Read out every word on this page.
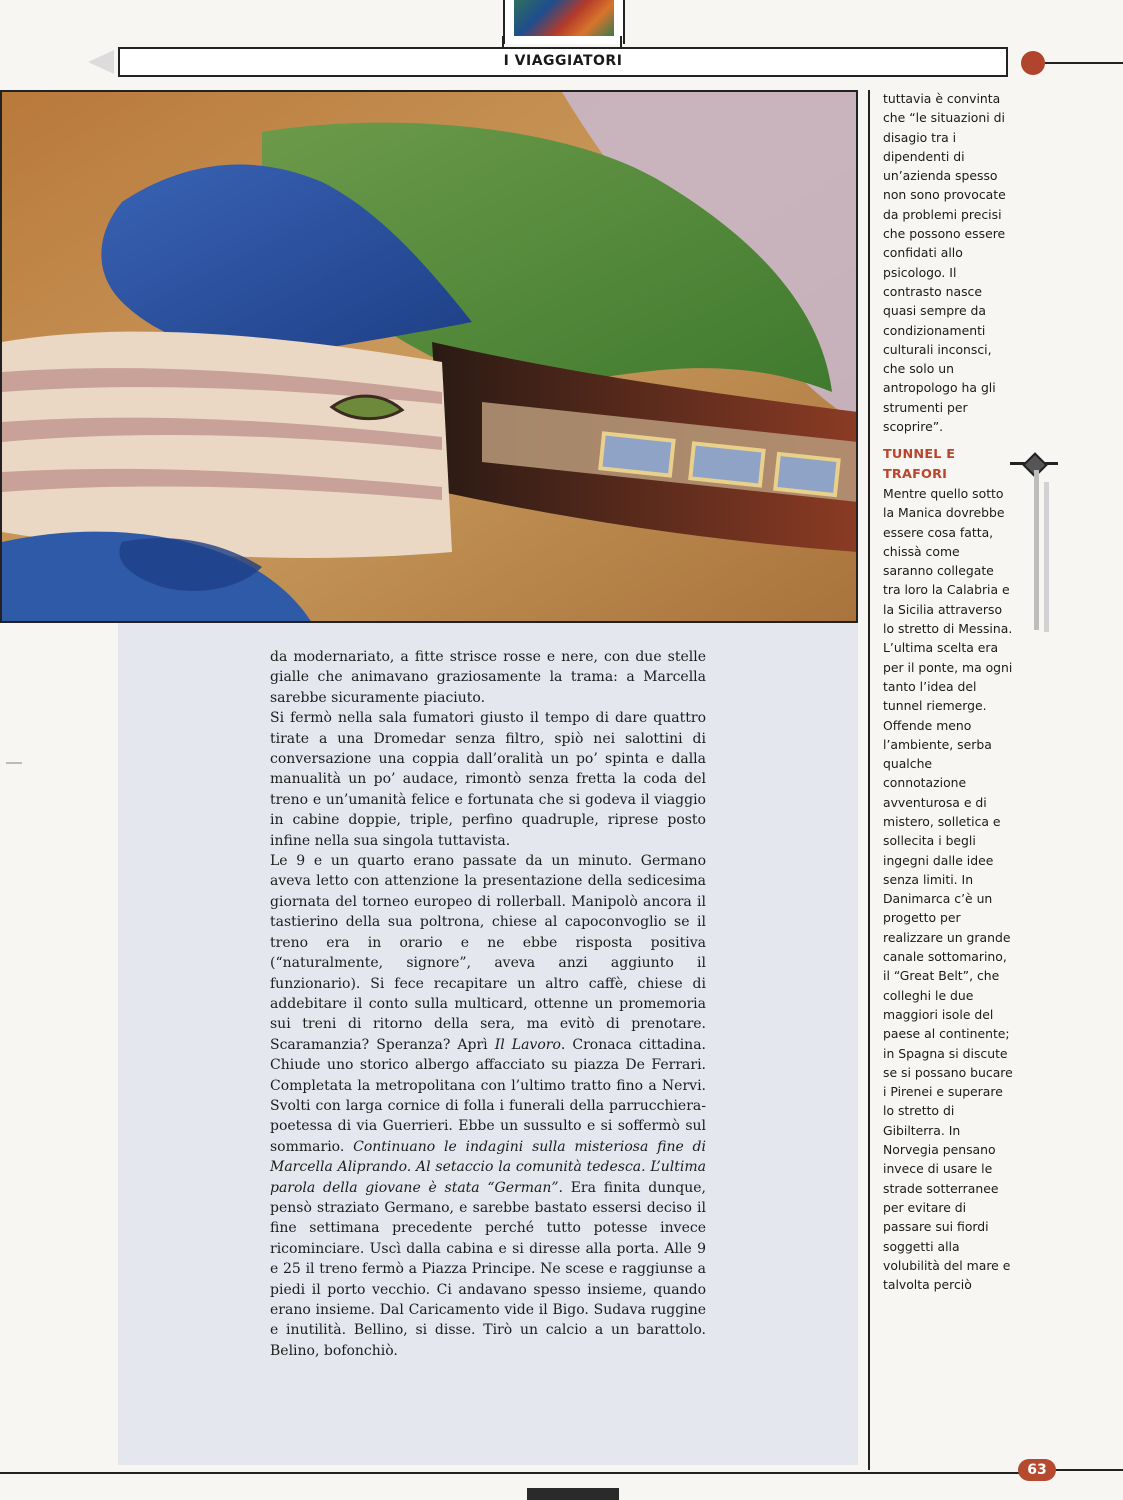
I VIAGGIATORI

da modernariato, a fitte strisce rosse e nere, con due stelle gialle che animavano graziosamente la trama: a Marcella sarebbe sicuramente piaciuto.

Si fermò nella sala fumatori giusto il tempo di dare quattro tirate a una Dromedar senza filtro, spiò nei salottini di conversazione una coppia dall’oralità un po’ spinta e dalla manualità un po’ audace, rimontò senza fretta la coda del treno e un’umanità felice e fortunata che si godeva il viaggio in cabine doppie, triple, perfino quadruple, riprese posto infine nella sua singola tuttavista.

Le 9 e un quarto erano passate da un minuto. Germano aveva letto con attenzione la presentazione della sedicesima giornata del torneo europeo di rollerball. Manipolò ancora il tastierino della sua poltrona, chiese al capoconvoglio se il treno era in orario e ne ebbe risposta positiva (“naturalmente, signore”, aveva anzi aggiunto il funzionario). Si fece recapitare un altro caffè, chiese di addebitare il conto sulla multicard, ottenne un promemoria sui treni di ritorno della sera, ma evitò di prenotare. Scaramanzia? Speranza? Aprì Il Lavoro. Cronaca cittadina. Chiude uno storico albergo affacciato su piazza De Ferrari. Completata la metropolitana con l’ultimo tratto fino a Nervi. Svolti con larga cornice di folla i funerali della parrucchiera-poetessa di via Guerrieri. Ebbe un sussulto e si soffermò sul sommario. Continuano le indagini sulla misteriosa fine di Marcella Aliprando. Al setaccio la comunità tedesca. L’ultima parola della giovane è stata “German”. Era finita dunque, pensò straziato Germano, e sarebbe bastato essersi deciso il fine settimana precedente perché tutto potesse invece ricominciare. Uscì dalla cabina e si diresse alla porta. Alle 9 e 25 il treno fermò a Piazza Principe. Ne scese e raggiunse a piedi il porto vecchio. Ci andavano spesso insieme, quando erano insieme. Dal Caricamento vide il Bigo. Sudava ruggine e inutilità. Bellino, si disse. Tirò un calcio a un barattolo. Belino, bofonchiò.

tuttavia è convinta che “le situazioni di disagio tra i dipendenti di un’azienda spesso non sono provocate da problemi precisi che possono essere confidati allo psicologo. Il contrasto nasce quasi sempre da condizionamenti culturali inconsci, che solo un antropologo ha gli strumenti per scoprire”.

TUNNEL E TRAFORI

Mentre quello sotto la Manica dovrebbe essere cosa fatta, chissà come saranno collegate tra loro la Calabria e la Sicilia attraverso lo stretto di Messina. L’ultima scelta era per il ponte, ma ogni tanto l’idea del tunnel riemerge. Offende meno l’ambiente, serba qualche connotazione avventurosa e di mistero, solletica e sollecita i begli ingegni dalle idee senza limiti. In Danimarca c’è un progetto per realizzare un grande canale sottomarino, il “Great Belt”, che colleghi le due maggiori isole del paese al continente; in Spagna si discute se si possano bucare i Pirenei e superare lo stretto di Gibilterra. In Norvegia pensano invece di usare le strade sotterranee per evitare di passare sui fiordi soggetti alla volubilità del mare e talvolta perciò

63
